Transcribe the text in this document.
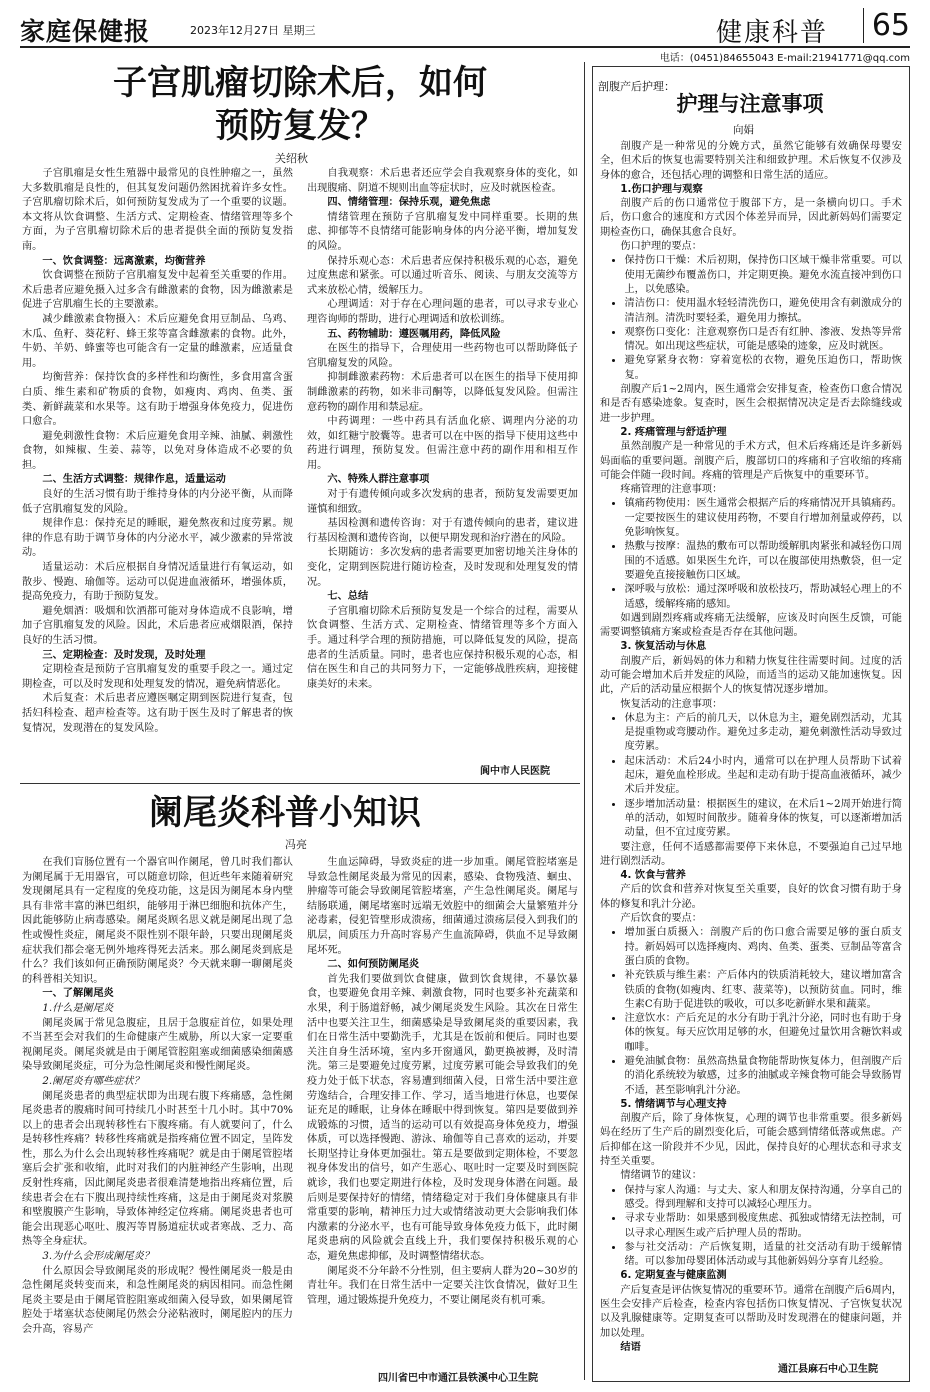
家庭保健报	2023年12月27日 星期三	健康科普	65
电话：(0451)84655043 E-mail:21941771@qq.com
子宫肌瘤切除术后，如何预防复发？
关绍秋

子宫肌瘤是女性生殖器中最常见的良性肿瘤之一，虽然大多数肌瘤是良性的，但其复发问题仍然困扰着许多女性。子宫肌瘤切除术后，如何预防复发成为了一个重要的议题。本文将从饮食调整、生活方式、定期检查、情绪管理等多个方面，为子宫肌瘤切除术后的患者提供全面的预防复发指南。

一、饮食调整：远离激素，均衡营养

饮食调整在预防子宫肌瘤复发中起着至关重要的作用。术后患者应避免摄入过多含有雌激素的食物，因为雌激素是促进子宫肌瘤生长的主要激素。

减少雌激素食物摄入：术后应避免食用豆制品、乌鸡、木瓜、鱼籽、葵花籽、蜂王浆等富含雌激素的食物。此外，牛奶、羊奶、蜂蜜等也可能含有一定量的雌激素，应适量食用。

均衡营养：保持饮食的多样性和均衡性，多食用富含蛋白质、维生素和矿物质的食物，如瘦肉、鸡肉、鱼类、蛋类、新鲜蔬菜和水果等。这有助于增强身体免疫力，促进伤口愈合。

避免刺激性食物：术后应避免食用辛辣、油腻、刺激性食物，如辣椒、生姜、蒜等，以免对身体造成不必要的负担。

二、生活方式调整：规律作息，适量运动

良好的生活习惯有助于维持身体的内分泌平衡，从而降低子宫肌瘤复发的风险。

规律作息：保持充足的睡眠，避免熬夜和过度劳累。规律的作息有助于调节身体的内分泌水平，减少激素的异常波动。

适量运动：术后应根据自身情况适量进行有氧运动，如散步、慢跑、瑜伽等。运动可以促进血液循环，增强体质，提高免疫力，有助于预防复发。

避免烟酒：吸烟和饮酒都可能对身体造成不良影响，增加子宫肌瘤复发的风险。因此，术后患者应戒烟限酒，保持良好的生活习惯。

三、定期检查：及时发现，及时处理

定期检查是预防子宫肌瘤复发的重要手段之一。通过定期检查，可以及时发现和处理复发的情况，避免病情恶化。

术后复查：术后患者应遵医嘱定期到医院进行复查，包括妇科检查、超声检查等。这有助于医生及时了解患者的恢复情况，发现潜在的复发风险。

自我观察：术后患者还应学会自我观察身体的变化，如出现腹痛、阴道不规则出血等症状时，应及时就医检查。

四、情绪管理：保持乐观，避免焦虑

情绪管理在预防子宫肌瘤复发中同样重要。长期的焦虑、抑郁等不良情绪可能影响身体的内分泌平衡，增加复发的风险。

保持乐观心态：术后患者应保持积极乐观的心态，避免过度焦虑和紧张。可以通过听音乐、阅读、与朋友交流等方式来放松心情，缓解压力。

心理调适：对于存在心理问题的患者，可以寻求专业心理咨询师的帮助，进行心理调适和放松训练。

五、药物辅助：遵医嘱用药，降低风险

在医生的指导下，合理使用一些药物也可以帮助降低子宫肌瘤复发的风险。

抑制雌激素药物：术后患者可以在医生的指导下使用抑制雌激素的药物，如米非司酮等，以降低复发风险。但需注意药物的副作用和禁忌症。

中药调理：一些中药具有活血化瘀、调理内分泌的功效，如红糖宁胶囊等。患者可以在中医的指导下使用这些中药进行调理，预防复发。但需注意中药的副作用和相互作用。

六、特殊人群注意事项

对于有遗传倾向或多次发病的患者，预防复发需要更加谨慎和细致。

基因检测和遗传咨询：对于有遗传倾向的患者，建议进行基因检测和遗传咨询，以便早期发现和治疗潜在的风险。

长期随访：多次发病的患者需要更加密切地关注身体的变化，定期到医院进行随访检查，及时发现和处理复发的情况。

七、总结

子宫肌瘤切除术后预防复发是一个综合的过程，需要从饮食调整、生活方式、定期检查、情绪管理等多个方面入手。通过科学合理的预防措施，可以降低复发的风险，提高患者的生活质量。同时，患者也应保持积极乐观的心态，相信在医生和自己的共同努力下，一定能够战胜疾病，迎接健康美好的未来。

阆中市人民医院
阑尾炎科普小知识
冯亮

在我们盲肠位置有一个器官叫作阑尾，曾几时我们都认为阑尾属于无用器官，可以随意切除，但近些年来随着研究发现阑尾具有一定程度的免疫功能，这是因为阑尾本身内壁具有非常丰富的淋巴组织，能够用于淋巴细胞和抗体产生，因此能够防止病毒感染。阑尾炎顾名思义就是阑尾出现了急性或慢性炎症，阑尾炎不限性别不限年龄，只要出现阑尾炎症状我们都会毫无例外地疼得死去活来。那么阑尾炎到底是什么？我们该如何正确预防阑尾炎？今天就来聊一聊阑尾炎的科普相关知识。

一、了解阑尾炎

1.什么是阑尾炎

阑尾炎属于常见急腹症，且居于急腹症首位，如果处理不当甚至会对我们的生命健康产生威胁，所以大家一定要重视阑尾炎。阑尾炎就是由于阑尾管腔阻塞或细菌感染细菌感染导致阑尾炎症，可分为急性阑尾炎和慢性阑尾炎。

2.阑尾炎有哪些症状？

阑尾炎患者的典型症状即为出现右腹下疼痛感，急性阑尾炎患者的腹痛时间可持续几小时甚至十几小时。其中70%以上的患者会出现转移性右下腹疼痛。有人就要问了，什么是转移性疼痛？转移性疼痛就是指疼痛位置不固定，呈阵发性，那么为什么会出现转移性疼痛呢？就是由于阑尾管腔堵塞后会扩张和收缩，此时对我们的内脏神经产生影响，出现反射性疼痛，因此阑尾炎患者很难清楚地指出疼痛位置，后续患者会在右下腹出现持续性疼痛，这是由于阑尾炎对浆膜和壁腹膜产生影响，导致体神经定位疼痛。阑尾炎患者也可能会出现恶心呕吐、腹泻等胃肠道症状或者寒战、乏力、高热等全身症状。

3.为什么会形成阑尾炎？

什么原因会导致阑尾炎的形成呢？慢性阑尾炎一般是由急性阑尾炎转变而来，和急性阑尾炎的病因相同。而急性阑尾炎主要是由于阑尾管腔阻塞或细菌入侵导致，如果阑尾管腔处于堵塞状态使阑尾仍然会分泌粘液时，阑尾腔内的压力会升高，容易产

生血运障碍，导致炎症的进一步加重。阑尾管腔堵塞是导致急性阑尾炎最为常见的因素，感染、食物残渣、蛔虫、肿瘤等可能会导致阑尾管腔堵塞，产生急性阑尾炎。阑尾与结肠联通，阑尾堵塞时远端无效腔中的细菌会大量繁殖并分泌毒素，侵犯管壁形成溃疡，细菌通过溃疡层侵入到我们的肌层，间质压力升高时容易产生血流障碍，供血不足导致阑尾坏死。

二、如何预防阑尾炎

首先我们要做到饮食健康，做到饮食规律，不暴饮暴食，也要避免食用辛辣、刺激食物，同时也要多补充蔬菜和水果，利于肠道舒畅，减少阑尾炎发生风险。其次在日常生活中也要关注卫生，细菌感染是导致阑尾炎的重要因素，我们在日常生活中要勤洗手，尤其是在饭前和便后。同时也要关注自身生活环境，室内多开窗通风，勤更换被褥，及时清洗。第三是要避免过度劳累，过度劳累可能会导致我们的免疫力处于低下状态，容易遭到细菌入侵，日常生活中要注意劳逸结合，合理安排工作、学习，适当地进行休息，也要保证充足的睡眠，让身体在睡眠中得到恢复。第四是要做到养成锻炼的习惯，适当的运动可以有效提高身体免疫力，增强体质，可以选择慢跑、游泳、瑜伽等自己喜欢的运动，并要长期坚持让身体更加强壮。第五是要做到定期体检，不要忽视身体发出的信号，如产生恶心、呕吐时一定要及时到医院就诊，我们也要定期进行体检，及时发现身体潜在问题。最后则是要保持好的情绪，情绪稳定对于我们身体健康具有非常重要的影响，精神压力过大或情绪波动更大会影响我们体内激素的分泌水平，也有可能导致身体免疫力低下，此时阑尾炎患病的风险就会直线上升，我们要保持积极乐观的心态，避免焦虑抑郁，及时调整情绪状态。

阑尾炎不分年龄不分性别，但主要病人群为20~30岁的青壮年。我们在日常生活中一定要关注饮食情况，做好卫生管理，通过锻炼提升免疫力，不要让阑尾炎有机可乘。

四川省巴中市通江县铁溪中心卫生院
剖腹产后护理：
护理与注意事项
向娟

剖腹产是一种常见的分娩方式，虽然它能够有效确保母婴安全，但术后的恢复也需要特别关注和细致护理。术后恢复不仅涉及身体的愈合，还包括心理的调整和日常生活的适应。

1.伤口护理与观察

剖腹产后的伤口通常位于腹部下方，是一条横向切口。手术后，伤口愈合的速度和方式因个体差异而异，因此新妈妈们需要定期检查伤口，确保其愈合良好。

伤口护理的要点：

• 保持伤口干燥：术后初期，保持伤口区域干燥非常重要。可以使用无菌纱布覆盖伤口，并定期更换。避免水流直接冲到伤口上，以免感染。
• 清洁伤口：使用温水轻轻清洗伤口，避免使用含有刺激成分的清洁剂。清洗时要轻柔，避免用力擦拭。
• 观察伤口变化：注意观察伤口是否有红肿、渗液、发热等异常情况。如出现这些症状，可能是感染的迹象，应及时就医。
• 避免穿紧身衣物：穿着宽松的衣物，避免压迫伤口，帮助恢复。

剖腹产后1~2周内，医生通常会安排复查，检查伤口愈合情况和是否有感染迹象。复查时，医生会根据情况决定是否去除缝线或进一步护理。

2. 疼痛管理与舒适护理

虽然剖腹产是一种常见的手术方式，但术后疼痛还是许多新妈妈面临的重要问题。剖腹产后，腹部切口的疼痛和子宫收缩的疼痛可能会伴随一段时间。疼痛的管理是产后恢复中的重要环节。

疼痛管理的注意事项：

• 镇痛药物使用：医生通常会根据产后的疼痛情况开具镇痛药。一定要按医生的建议使用药物，不要自行增加剂量或停药，以免影响恢复。
• 热敷与按摩：温热的敷布可以帮助缓解肌肉紧张和减轻伤口周围的不适感。如果医生允许，可以在腹部使用热敷袋，但一定要避免直接接触伤口区域。
• 深呼吸与放松：通过深呼吸和放松技巧，帮助减轻心理上的不适感，缓解疼痛的感知。

如遇到剧烈疼痛或疼痛无法缓解，应该及时向医生反馈，可能需要调整镇痛方案或检查是否存在其他问题。

3. 恢复活动与休息

剖腹产后，新妈妈的体力和精力恢复往往需要时间。过度的活动可能会增加术后并发症的风险，而适当的运动又能加速恢复。因此，产后的活动量应根据个人的恢复情况逐步增加。

恢复活动的注意事项：

• 休息为主：产后的前几天，以休息为主，避免剧烈活动，尤其是提重物或弯腰动作。避免过多走动，避免刺激性活动导致过度劳累。
• 起床活动：术后24小时内，通常可以在护理人员帮助下试着起床，避免血栓形成。坐起和走动有助于提高血液循环，减少术后并发症。
• 逐步增加活动量：根据医生的建议，在术后1~2周开始进行简单的活动，如短时间散步。随着身体的恢复，可以逐渐增加活动量，但不宜过度劳累。

要注意，任何不适感都需要停下来休息，不要强迫自己过早地进行剧烈活动。

4. 饮食与营养

产后的饮食和营养对恢复至关重要，良好的饮食习惯有助于身体的修复和乳汁分泌。

产后饮食的要点：

• 增加蛋白质摄入：剖腹产后的伤口愈合需要足够的蛋白质支持。新妈妈可以选择瘦肉、鸡肉、鱼类、蛋类、豆制品等富含蛋白质的食物。
• 补充铁质与维生素：产后体内的铁质消耗较大，建议增加富含铁质的食物(如瘦肉、红枣、菠菜等)，以预防贫血。同时，维生素C有助于促进铁的吸收，可以多吃新鲜水果和蔬菜。
• 注意饮水：产后充足的水分有助于乳汁分泌，同时也有助于身体的恢复。每天应饮用足够的水，但避免过量饮用含糖饮料或咖啡。
• 避免油腻食物：虽然高热量食物能帮助恢复体力，但剖腹产后的消化系统较为敏感，过多的油腻或辛辣食物可能会导致肠胃不适，甚至影响乳汁分泌。
5. 情绪调节与心理支持

剖腹产后，除了身体恢复，心理的调节也非常重要。很多新妈妈在经历了生产后的剧烈变化后，可能会感到情绪低落或焦虑。产后抑郁在这一阶段并不少见，因此，保持良好的心理状态和寻求支持至关重要。

情绪调节的建议：

• 保持与家人沟通：与丈夫、家人和朋友保持沟通，分享自己的感受。得到理解和支持可以减轻心理压力。
• 寻求专业帮助：如果感到极度焦虑、孤独或情绪无法控制，可以寻求心理医生或产后护理人员的帮助。
• 参与社交活动：产后恢复期，适量的社交活动有助于缓解情绪。可以参加母婴团体活动或与其他新妈妈分享育儿经验。
6. 定期复查与健康监测

产后复查是评估恢复情况的重要环节。通常在剖腹产后6周内，医生会安排产后检查，检查内容包括伤口恢复情况、子宫恢复状况以及乳腺健康等。定期复查可以帮助及时发现潜在的健康问题，并加以处理。

结语

通江县麻石中心卫生院
